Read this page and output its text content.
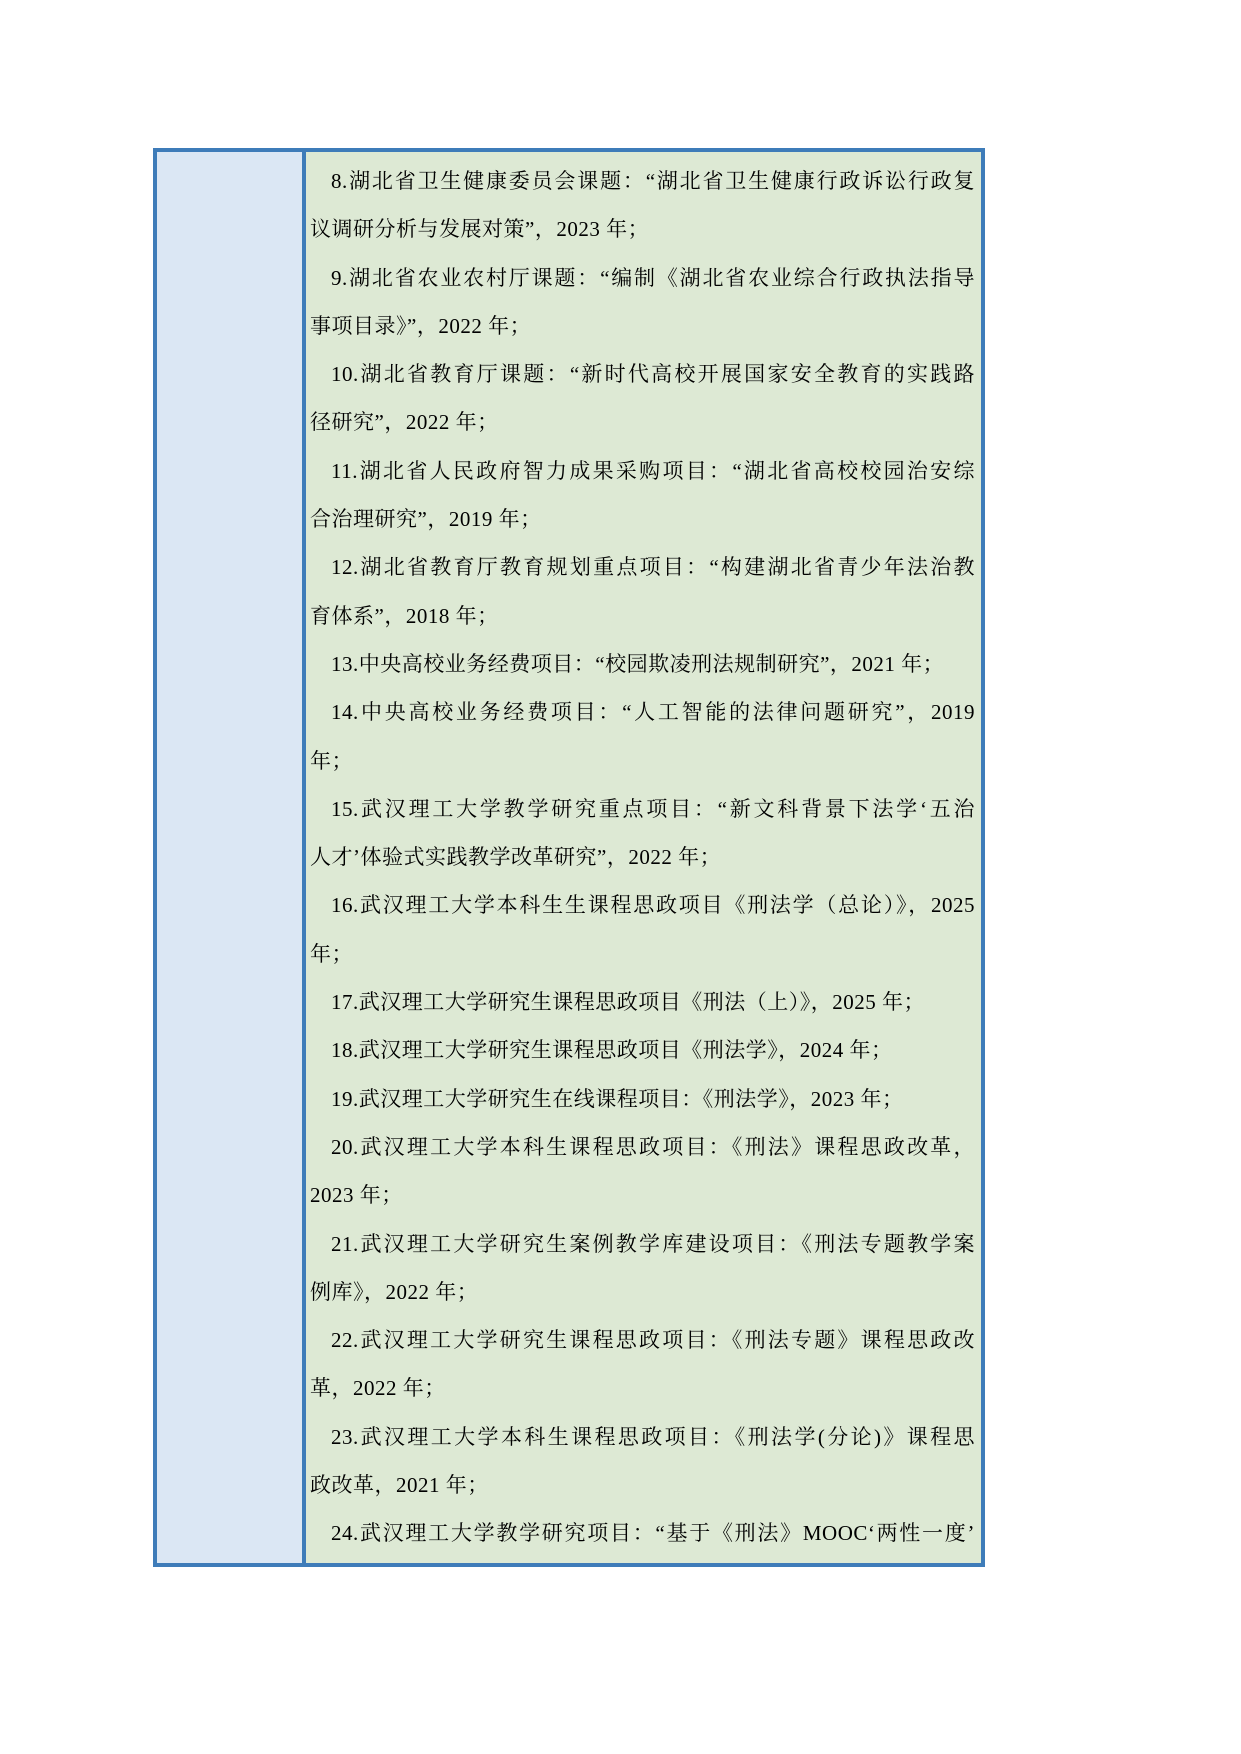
8.湖北省卫生健康委员会课题：“湖北省卫生健康行政诉讼行政复
议调研分析与发展对策”，2023 年；
9.湖北省农业农村厅课题：“编制《湖北省农业综合行政执法指导
事项目录》”，2022 年；
10.湖北省教育厅课题：“新时代高校开展国家安全教育的实践路
径研究”，2022 年；
11.湖北省人民政府智力成果采购项目：“湖北省高校校园治安综
合治理研究”，2019 年；
12.湖北省教育厅教育规划重点项目：“构建湖北省青少年法治教
育体系”，2018 年；
13.中央高校业务经费项目：“校园欺凌刑法规制研究”，2021 年；
14.中央高校业务经费项目：“人工智能的法律问题研究”，2019
年；
15.武汉理工大学教学研究重点项目：“新文科背景下法学‘五治
人才’体验式实践教学改革研究”，2022 年；
16.武汉理工大学本科生生课程思政项目《刑法学（总论）》，2025
年；
17.武汉理工大学研究生课程思政项目《刑法（上）》，2025 年；
18.武汉理工大学研究生课程思政项目《刑法学》，2024 年；
19.武汉理工大学研究生在线课程项目：《刑法学》，2023 年；
20.武汉理工大学本科生课程思政项目：《刑法》课程思政改革，
2023 年；
21.武汉理工大学研究生案例教学库建设项目：《刑法专题教学案
例库》，2022 年；
22.武汉理工大学研究生课程思政项目：《刑法专题》课程思政改
革，2022 年；
23.武汉理工大学本科生课程思政项目：《刑法学(分论)》课程思
政改革，2021 年；
24.武汉理工大学教学研究项目：“基于《刑法》MOOC‘两性一度’
